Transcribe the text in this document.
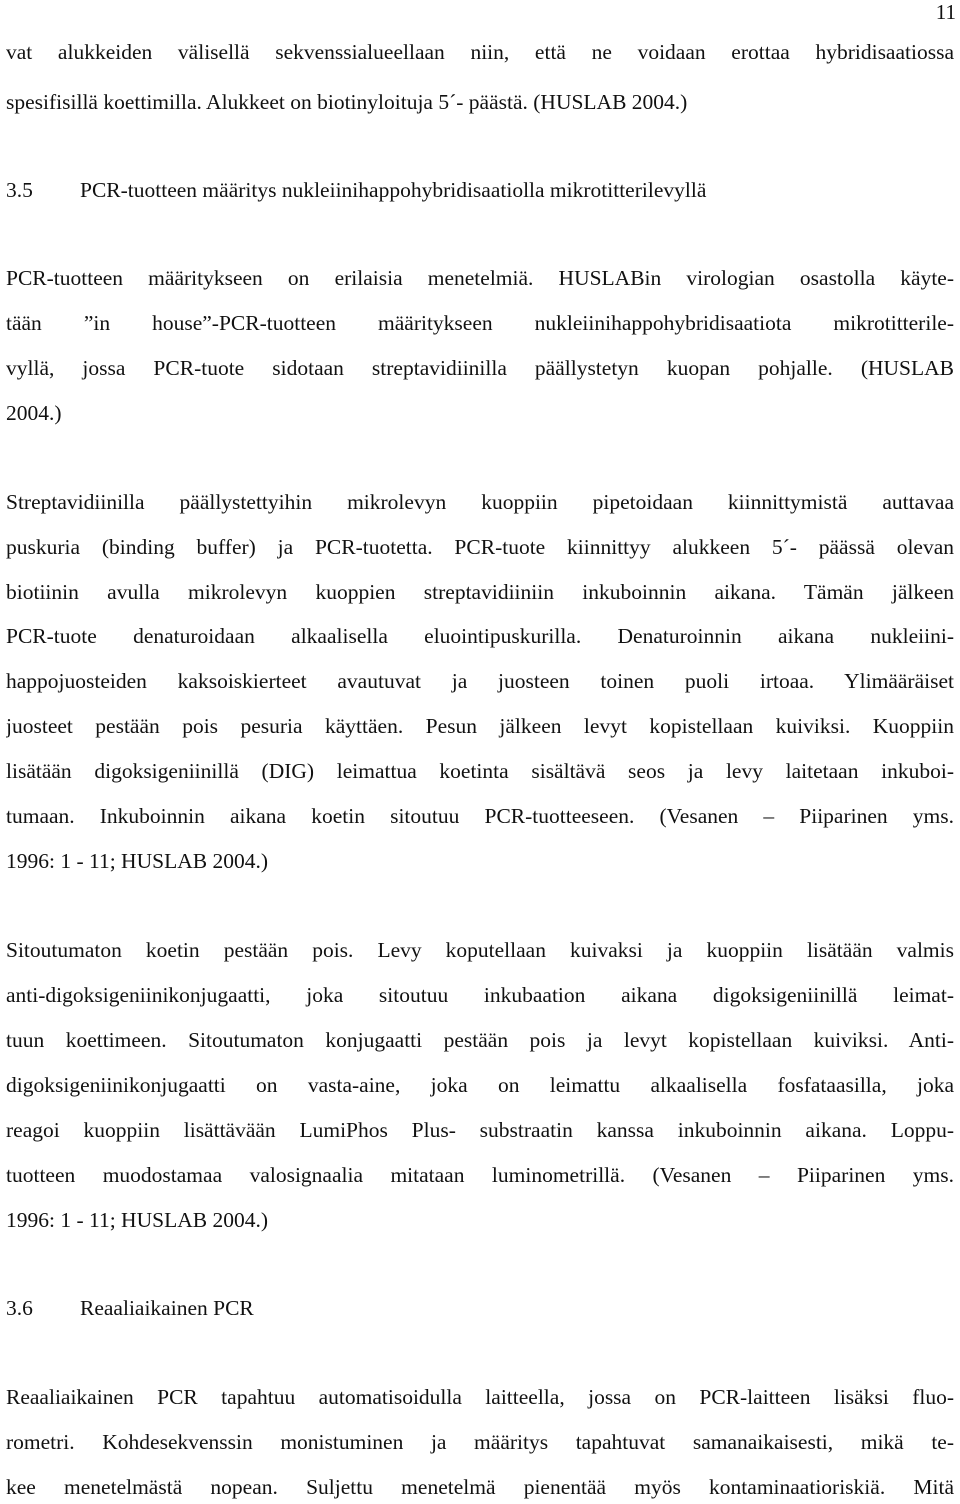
11
vat alukkeiden välisellä sekvenssialueellaan niin, että ne voidaan erottaa hybridisaatiossa
spesifisillä koettimilla. Alukkeet on biotinyloituja 5´- päästä. (HUSLAB 2004.)
3.5 PCR-tuotteen määritys nukleiinihappohybridisaatiolla mikrotitterilevyllä
PCR-tuotteen määritykseen on erilaisia menetelmiä. HUSLABin virologian osastolla käyte-
tään ”in house”-PCR-tuotteen määritykseen nukleiinihappohybridisaatiota mikrotitterile-
vyllä, jossa PCR-tuote sidotaan streptavidiinilla päällystetyn kuopan pohjalle. (HUSLAB
2004.)
Streptavidiinilla päällystettyihin mikrolevyn kuoppiin pipetoidaan kiinnittymistä auttavaa
puskuria (binding buffer) ja PCR-tuotetta. PCR-tuote kiinnittyy alukkeen 5´- päässä olevan
biotiinin avulla mikrolevyn kuoppien streptavidiiniin inkuboinnin aikana. Tämän jälkeen
PCR-tuote denaturoidaan alkaalisella eluointipuskurilla. Denaturoinnin aikana nukleiini-
happojuosteiden kaksoiskierteet avautuvat ja juosteen toinen puoli irtoaa. Ylimääräiset
juosteet pestään pois pesuria käyttäen. Pesun jälkeen levyt kopistellaan kuiviksi. Kuoppiin
lisätään digoksigeniinillä (DIG) leimattua koetinta sisältävä seos ja levy laitetaan inkuboi-
tumaan. Inkuboinnin aikana koetin sitoutuu PCR-tuotteeseen. (Vesanen – Piiparinen yms.
1996: 1 - 11; HUSLAB 2004.)
Sitoutumaton koetin pestään pois. Levy koputellaan kuivaksi ja kuoppiin lisätään valmis
anti-digoksigeniinikonjugaatti, joka sitoutuu inkubaation aikana digoksigeniinillä leimat-
tuun koettimeen. Sitoutumaton konjugaatti pestään pois ja levyt kopistellaan kuiviksi. Anti-
digoksigeniinikonjugaatti on vasta-aine, joka on leimattu alkaalisella fosfataasilla, joka
reagoi kuoppiin lisättävään LumiPhos Plus- substraatin kanssa inkuboinnin aikana. Loppu-
tuotteen muodostamaa valosignaalia mitataan luminometrillä. (Vesanen – Piiparinen yms.
1996: 1 - 11; HUSLAB 2004.)
3.6 Reaaliaikainen PCR
Reaaliaikainen PCR tapahtuu automatisoidulla laitteella, jossa on PCR-laitteen lisäksi fluo-
rometri. Kohdesekvenssin monistuminen ja määritys tapahtuvat samanaikaisesti, mikä te-
kee menetelmästä nopean. Suljettu menetelmä pienentää myös kontaminaatioriskiä. Mitä
